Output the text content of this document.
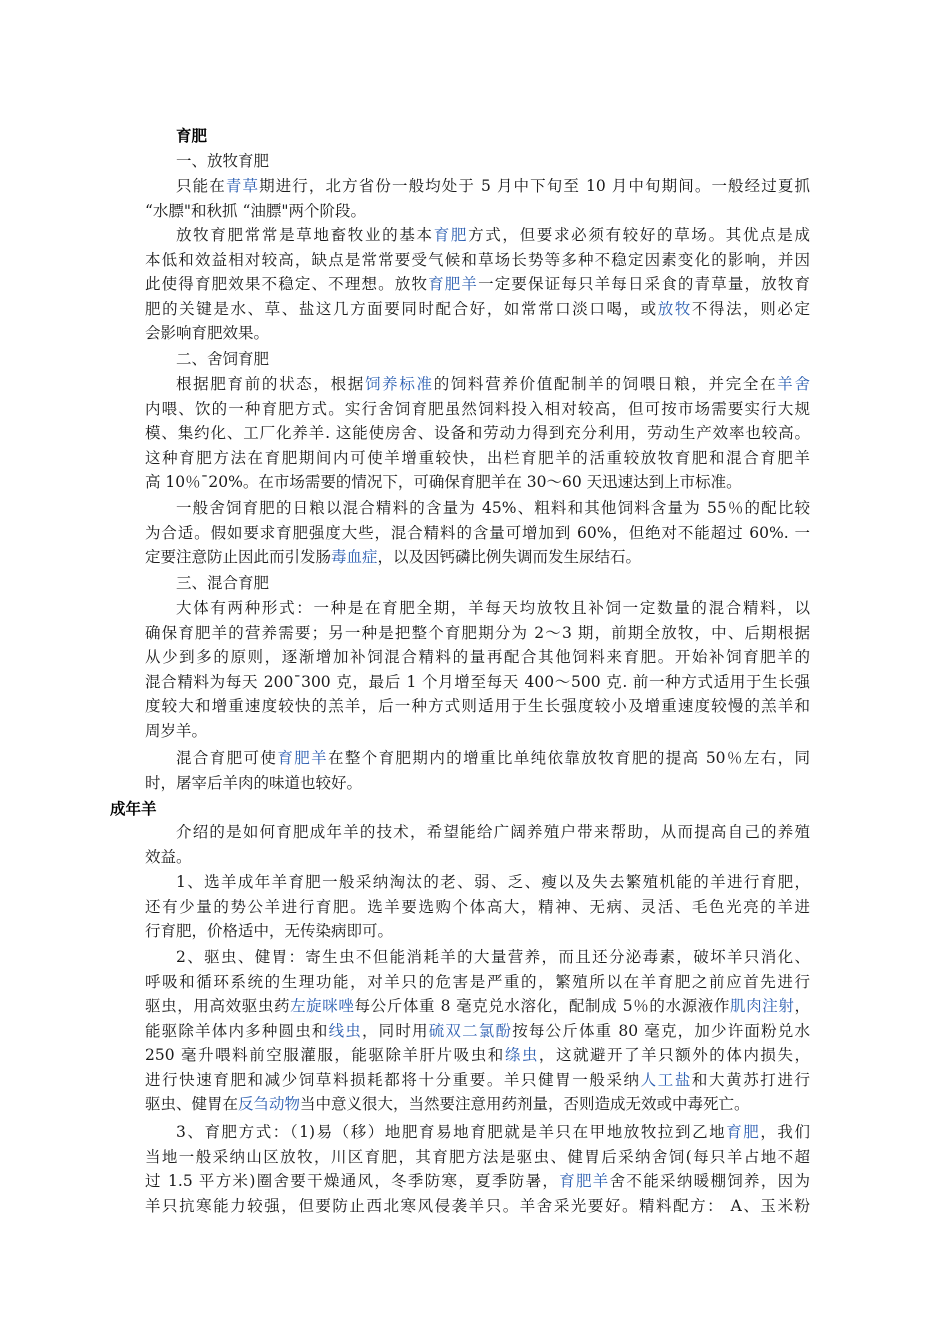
育肥
一、放牧育肥
只能在青草期进行，北方省份一般均处于 5 月中下旬至 10 月中旬期间。一般经过夏抓
“水膘"和秋抓 “油膘"两个阶段。
放牧育肥常常是草地畜牧业的基本育肥方式，但要求必须有较好的草场。其优点是成
本低和效益相对较高，缺点是常常要受气候和草场长势等多种不稳定因素变化的影响，并因
此使得育肥效果不稳定、不理想。放牧育肥羊一定要保证每只羊每日采食的青草量，放牧育
肥的关键是水、草、盐这几方面要同时配合好，如常常口淡口喝，或放牧不得法，则必定
会影响育肥效果。
二、舍饲育肥
根据肥育前的状态，根据饲养标准的饲料营养价值配制羊的饲喂日粮，并完全在羊舍
内喂、饮的一种育肥方式。实行舍饲育肥虽然饲料投入相对较高，但可按市场需要实行大规
模、集约化、工厂化养羊. 这能使房舍、设备和劳动力得到充分利用，劳动生产效率也较高。
这种育肥方法在育肥期间内可使羊增重较快，出栏育肥羊的活重较放牧育肥和混合育肥羊
高 10％¯20%。在市场需要的情况下，可确保育肥羊在 30～60 天迅速达到上市标准。
一般舍饲育肥的日粮以混合精料的含量为 45%、粗料和其他饲料含量为 55％的配比较
为合适。假如要求育肥强度大些，混合精料的含量可增加到 60%，但绝对不能超过 60%. 一
定要注意防止因此而引发肠毒血症，以及因钙磷比例失调而发生尿结石。
三、混合育肥
大体有两种形式：一种是在育肥全期，羊每天均放牧且补饲一定数量的混合精料，以
确保育肥羊的营养需要；另一种是把整个育肥期分为 2～3 期，前期全放牧，中、后期根据
从少到多的原则，逐渐增加补饲混合精料的量再配合其他饲料来育肥。开始补饲育肥羊的
混合精料为每天 200¯300 克，最后 1 个月增至每天 400～500 克. 前一种方式适用于生长强
度较大和增重速度较快的羔羊，后一种方式则适用于生长强度较小及增重速度较慢的羔羊和
周岁羊。
混合育肥可使育肥羊在整个育肥期内的增重比单纯依靠放牧育肥的提高 50％左右，同
时，屠宰后羊肉的味道也较好。
成年羊
介绍的是如何育肥成年羊的技术，希望能给广阔养殖户带来帮助，从而提高自己的养殖
效益。
1、选羊成年羊育肥一般采纳淘汰的老、弱、乏、瘦以及失去繁殖机能的羊进行育肥，
还有少量的势公羊进行育肥。选羊要选购个体高大，精神、无病、灵活、毛色光亮的羊进
行育肥，价格适中，无传染病即可。
2、驱虫、健胃：寄生虫不但能消耗羊的大量营养，而且还分泌毒素，破坏羊只消化、
呼吸和循环系统的生理功能，对羊只的危害是严重的，繁殖所以在羊育肥之前应首先进行
驱虫，用高效驱虫药左旋咪唑每公斤体重 8 毫克兑水溶化，配制成 5％的水源液作肌肉注射，
能驱除羊体内多种圆虫和线虫，同时用硫双二氯酚按每公斤体重 80 毫克，加少许面粉兑水
250 毫升喂料前空服灌服，能驱除羊肝片吸虫和绦虫，这就避开了羊只额外的体内损失，
进行快速育肥和减少饲草料损耗都将十分重要。羊只健胃一般采纳人工盐和大黄苏打进行
驱虫、健胃在反刍动物当中意义很大，当然要注意用药剂量，否则造成无效或中毒死亡。
3、育肥方式：（1)易（移）地肥育易地育肥就是羊只在甲地放牧拉到乙地育肥，我们
当地一般采纳山区放牧，川区育肥，其育肥方法是驱虫、健胃后采纳舍饲(每只羊占地不超
过 1.5 平方米)圈舍要干燥通风，冬季防寒，夏季防暑，育肥羊舍不能采纳暖棚饲养，因为
羊只抗寒能力较强，但要防止西北寒风侵袭羊只。羊舍采光要好。精料配方： A、玉米粉
